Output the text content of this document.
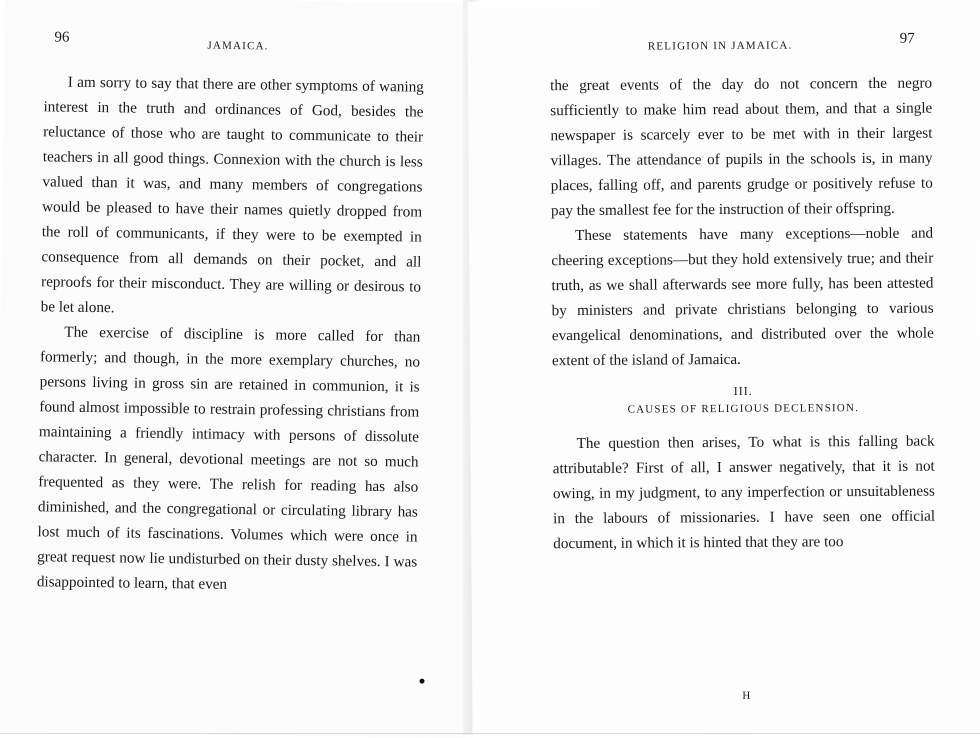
96
JAMAICA.

I am sorry to say that there are other symptoms of waning interest in the truth and ordinances of God, besides the reluctance of those who are taught to communicate to their teachers in all good things. Connexion with the church is less valued than it was, and many members of congregations would be pleased to have their names quietly dropped from the roll of communicants, if they were to be exempted in consequence from all demands on their pocket, and all reproofs for their misconduct. They are willing or desirous to be let alone.

The exercise of discipline is more called for than formerly; and though, in the more exemplary churches, no persons living in gross sin are retained in communion, it is found almost impossible to restrain professing christians from maintaining a friendly intimacy with persons of dissolute character. In general, devotional meetings are not so much frequented as they were. The relish for reading has also diminished, and the congregational or circulating library has lost much of its fascinations. Volumes which were once in great request now lie undisturbed on their dusty shelves. I was disappointed to learn, that even

RELIGION IN JAMAICA.	97

the great events of the day do not concern the negro sufficiently to make him read about them, and that a single newspaper is scarcely ever to be met with in their largest villages. The attendance of pupils in the schools is, in many places, falling off, and parents grudge or positively refuse to pay the smallest fee for the instruction of their offspring.

These statements have many exceptions—noble and cheering exceptions—but they hold extensively true; and their truth, as we shall afterwards see more fully, has been attested by ministers and private christians belonging to various evangelical denominations, and distributed over the whole extent of the island of Jamaica.

III.
CAUSES OF RELIGIOUS DECLENSION.

The question then arises, To what is this falling back attributable? First of all, I answer negatively, that it is not owing, in my judgment, to any imperfection or unsuitableness in the labours of missionaries. I have seen one official document, in which it is hinted that they are too

H
